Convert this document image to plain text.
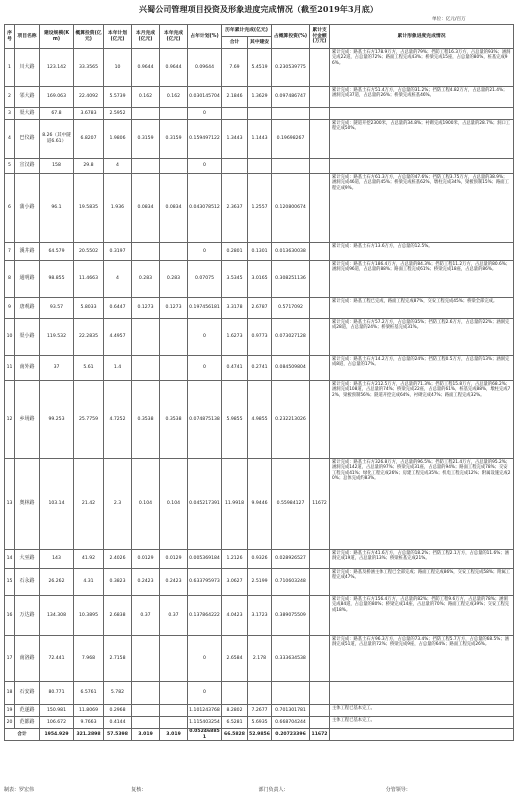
兴蜀公司管理项目投资及形象进度完成情况（截至2019年3月底）
单位：亿元/百万
序号	项目名称	建设规模(Km)	概算投资(亿元)	本年计划(亿元)	本月完成(亿元)	本年完成(亿元)	占年计划(%)	历年累计完成(亿元)		占概算投资(%)	累计支付金额(万元)	累计形象进度完成情况
								合计	其中建安			
1	川大路	123.142	33.3565	10	0.9644	0.9644	0.09644	7.69	5.4519	0.230539775		累计完成：路基土石方178.9万方，占总量的79%；挡防工程16.3万方，占总量的93%；涵洞完成22道，占总量的72%；路面工程完成43%；桥梁完成15座，占总量的80%，桩基完成96%。
2	邻大路	169.063	22.4092	5.5739	0.162	0.162	0.030145704	2.1846	1.3629	0.097486747		累计完成：路基土石方51.4万方，占总量的31.2%；挡防工程4.82万方，占总量的21.4%；涵洞完成37道，占总量的26%；桥梁完成桩基46%。
3	渠大路	67.8	3.6783	2.5952			0					
4	巴仪路	8.26（其中隧道6.61）	6.8207	1.9806	0.3159	0.3159	0.159497122	1.3443	1.1443	0.19698267		累计完成：隧道开挖2300米，占总量的34.8%；衬砌完成1900米，占总量的28.7%；洞口工程完成50%。
5	宣汉路	158	29.8	4			0					
6	蒲小路	96.1	19.5835	1.936	0.0834	0.0834	0.043078512	2.3637	1.2557	0.120800674		累计完成：路基土石方61.3万方，占总量的47.6%；挡防工程3.75万方，占总量的38.9%；涵洞完成46道，占总量的45%；桥梁完成桩基62%，墩柱完成34%，梁板预制15%；路面工程完成9%。
7	溪井路	64.579	20.5502	0.3197			0	0.2801	0.1301	0.013630038		累计完成：路基土石方13.6万方，占总量的12.5%。
8	通明路	98.855	11.4663	4	0.283	0.283	0.07075	3.5345	3.0165	0.308251136		累计完成：路基土石方186.4万方，占总量的84.3%；挡防工程11.2万方，占总量的80.6%；涵洞完成96道，占总量的88%；路面工程完成61%；桥梁完成18座，占总量的86%。
9	唐观路	93.57	5.8033	0.6447	0.1273	0.1273	0.197456181	3.3178	2.6787	0.5717092		累计完成：路基工程已完成，路面工程完成87%，交安工程完成45%；桥梁全部完成。
10	渠小路	119.532	22.2835	4.4957			0	1.6273	0.9773	0.073027128		累计完成：路基土石方57.2万方，占总量的35%；挡防工程2.6万方，占总量的22%；涵洞完成28道，占总量的24%；桥梁桩基完成31%。
11	南外路	37	5.61	1.4			0	0.4741	0.2741	0.084509804		累计完成：路基土石方14.2万方，占总量的24%；挡防工程0.5万方，占总量的13%；涵洞完成8道，占总量的17%。
12	乡场路	99.253	25.7759	4.7252	0.3538	0.3538	0.074875138	5.9855	4.9855	0.232213026		累计完成：路基土石方212.5万方，占总量的71.3%；挡防工程15.8万方，占总量的68.2%；涵洞完成108道，占总量的74%；桥梁完成22座，占总量的61%，桩基完成88%，墩柱完成72%，梁板预制56%；隧道开挖完成64%，衬砌完成47%；路面工程完成32%。
13	奥林路	103.14	21.42	2.3	0.104	0.104	0.045217391	11.9918	9.9446	0.55984127	11672	累计完成：路基土石方326.8万方，占总量的96.5%；挡防工程21.4万方，占总量的95.2%；涵洞完成142道，占总量的97%；桥梁完成31座，占总量的94%；路面工程完成78%；交安工程完成41%；绿化工程完成26%；房建工程完成35%；机电工程完成12%；附属设施完成20%；总体完成约83%。
14	大巫路	143	41.92	2.4026	0.0129	0.0129	0.005369184	1.2126	0.9326	0.028926527		累计完成：路基土石方41.6万方，占总量的18.2%；挡防工程2.1万方，占总量的11.6%；涵洞完成19道，占总量的13%；桥梁桩基完成21%。
15	石永路	26.262	4.31	0.3823	0.2423	0.2423	0.633795973	3.0627	2.5199	0.710603248		累计完成：路基及桥涵主体工程已全部完成；路面工程完成86%，交安工程完成58%；附属工程完成47%。
16	万达路	134.308	10.3895	2.6838	0.37	0.37	0.137864222	4.0423	3.1723	0.389075509		累计完成：路基土石方156.4万方，占总量的82%；挡防工程9.6万方，占总量的78%；涵洞完成84道，占总量的80%；桥梁完成14座，占总量的70%；路面工程完成39%；交安工程完成18%。
17	南洛路	72.441	7.968	2.7158			0	2.6584	2.178	0.333634538		累计完成：路基土石方96.3万方，占总量的73.4%；挡防工程5.7万方，占总量的68.5%；涵洞完成51道，占总量的72%；桥梁完成9座，占总量的64%；路面工程完成26%。
18	石安路	80.771	6.5761	5.782			0					
19	范遂路	150.981	11.8069	0.2968			1.101243768	8.2802	7.2677	0.701301781		主体工程已基本完工。
20	范都路	106.672	9.7663	0.4144			1.115403254	6.5281	5.6935	0.668704244		主体工程已基本完工。
合计		1954.929	321.2898	57.5398	3.019	3.019	0.052468851	66.5828	52.9856	0.20723396	11672	
制表：罗宏伟	复核：	部门负责人：	分管领导：
